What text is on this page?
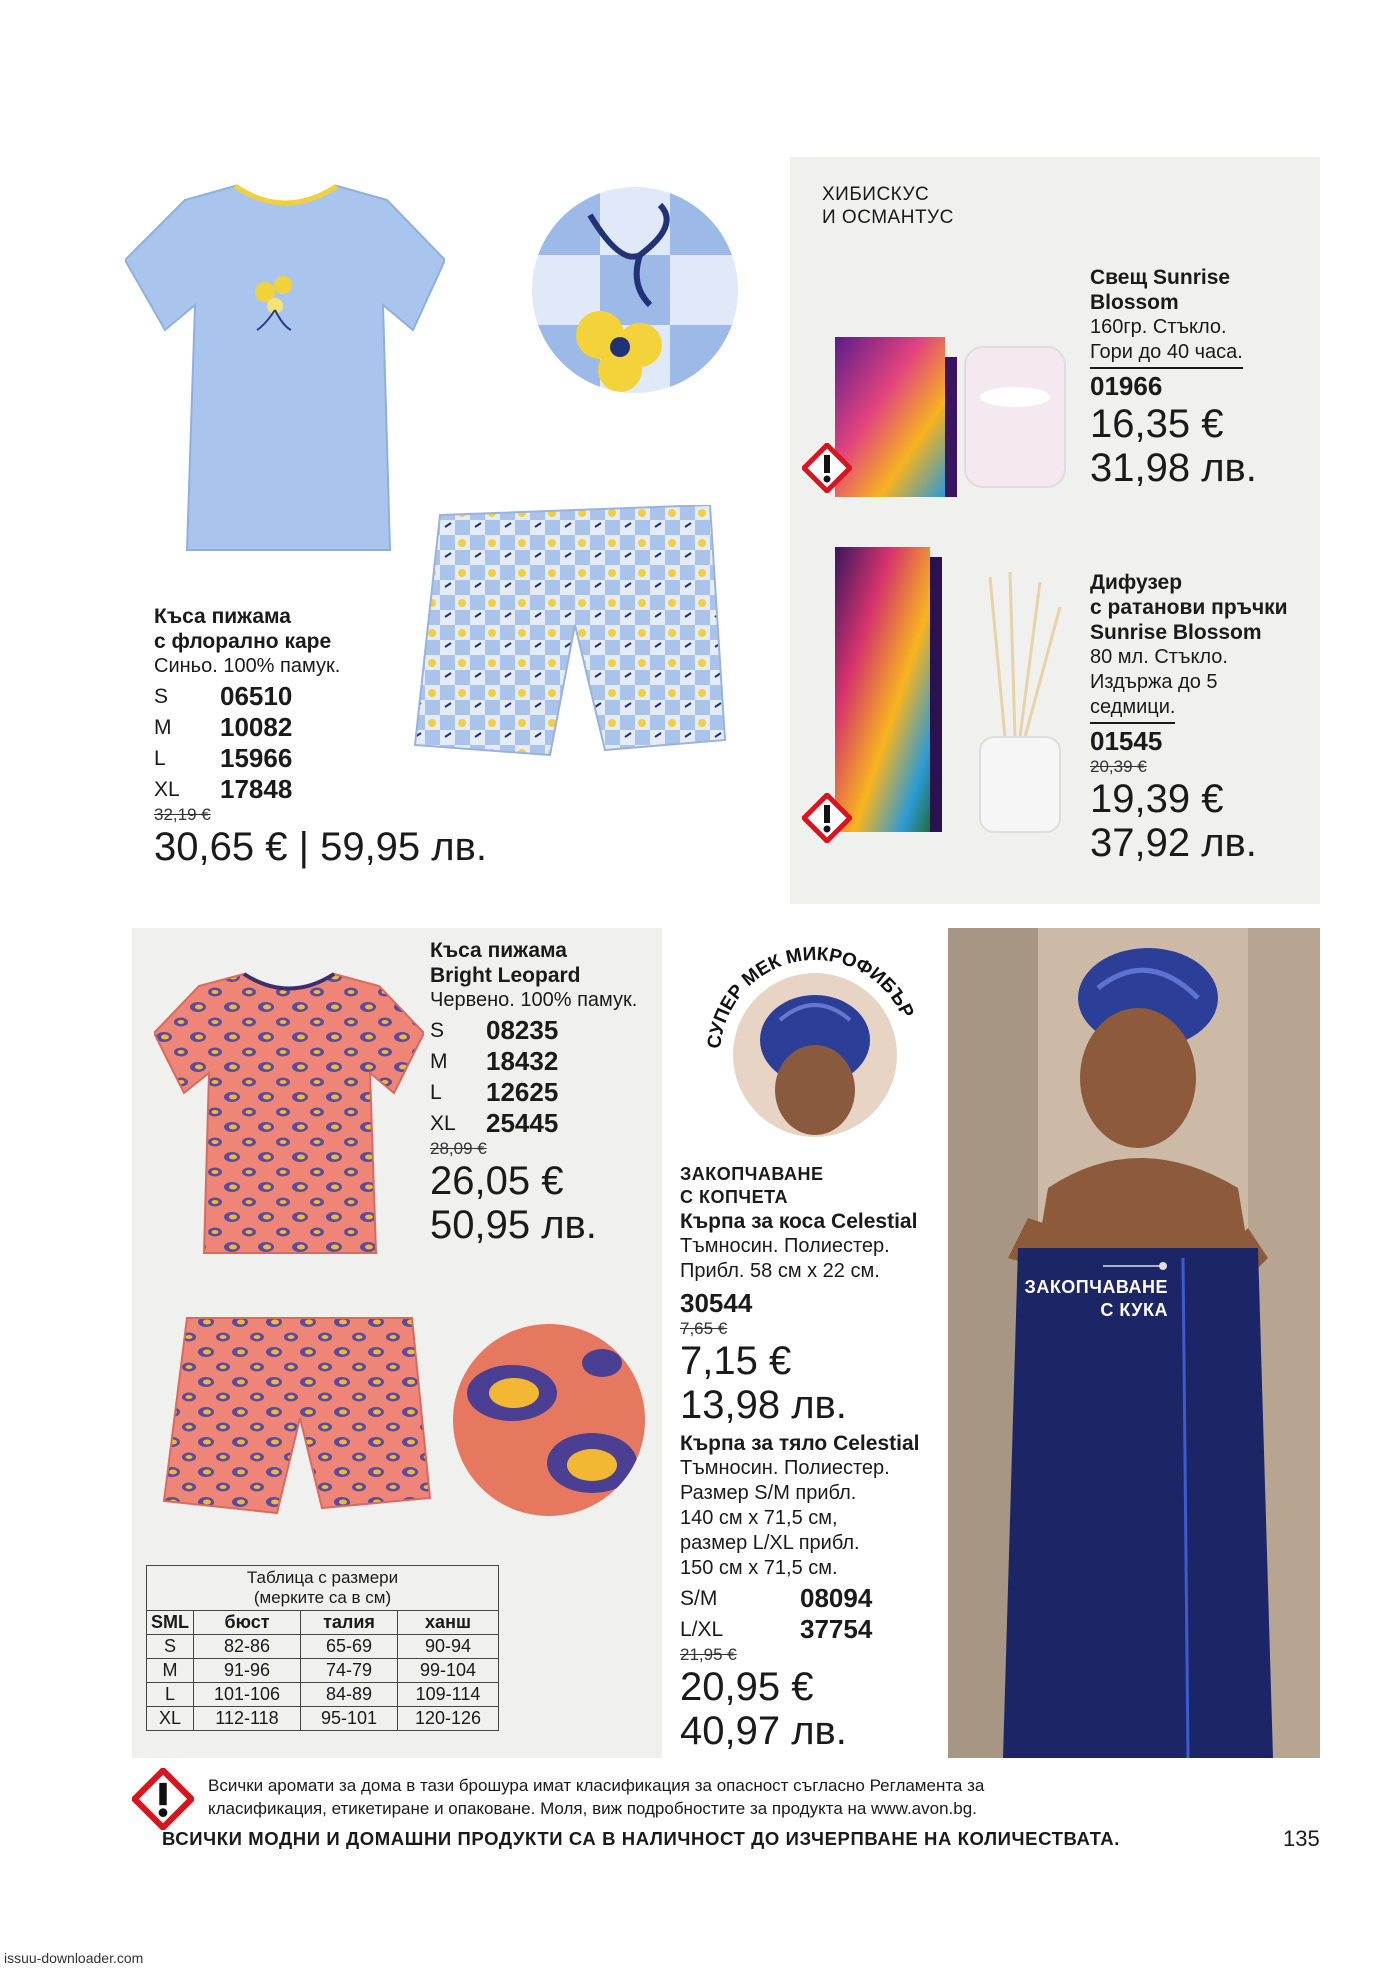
Къса пижама
с флорално каре
Синьо. 100% памук.
S	06510
M	10082
L	15966
XL	17848
32,19 €
30,65 € | 59,95 лв.
ХИБИСКУС
И ОСМАНТУС
Свещ Sunrise
Blossom
160гр. Стъкло.
Гори до 40 часа.
01966
16,35 €
31,98 лв.
Дифузер
с ратанови пръчки
Sunrise Blossom
80 мл. Стъкло.
Издържа до 5
седмици.
01545
20,39 €
19,39 €
37,92 лв.
Къса пижама
Bright Leopard
Червено. 100% памук.
S	08235
M	18432
L	12625
XL	25445
28,09 €
26,05 €
50,95 лв.
Таблица с размери
(мерките са в см)			

SML	бюст	талия	ханш
S	82-86	65-69	90-94
M	91-96	74-79	99-104
L	101-106	84-89	109-114
XL	112-118	95-101	120-126
СУПЕР МЕК МИКРОФИБЪР
ЗАКОПЧАВАНЕ
С КОПЧЕТА
Кърпа за коса Celestial
Тъмносин. Полиестер.
Прибл. 58 см x 22 см.
30544
7,65 €
7,15 €
13,98 лв.
Кърпа за тяло Celestial
Тъмносин. Полиестер.
Размер S/M прибл.
140 см x 71,5 см,
размер L/XL прибл.
150 см x 71,5 см.
S/M	08094
L/XL	37754
21,95 €
20,95 €
40,97 лв.
ЗАКОПЧАВАНЕ
С КУКА
Всички аромати за дома в тази брошура имат класификация за опасност съгласно Регламента за
класификация, етикетиране и опаковане. Моля, виж подробностите за продукта на www.avon.bg.
ВСИЧКИ МОДНИ И ДОМАШНИ ПРОДУКТИ СА В НАЛИЧНОСТ ДО ИЗЧЕРПВАНЕ НА КОЛИЧЕСТВАТА.	135
issuu-downloader.com
